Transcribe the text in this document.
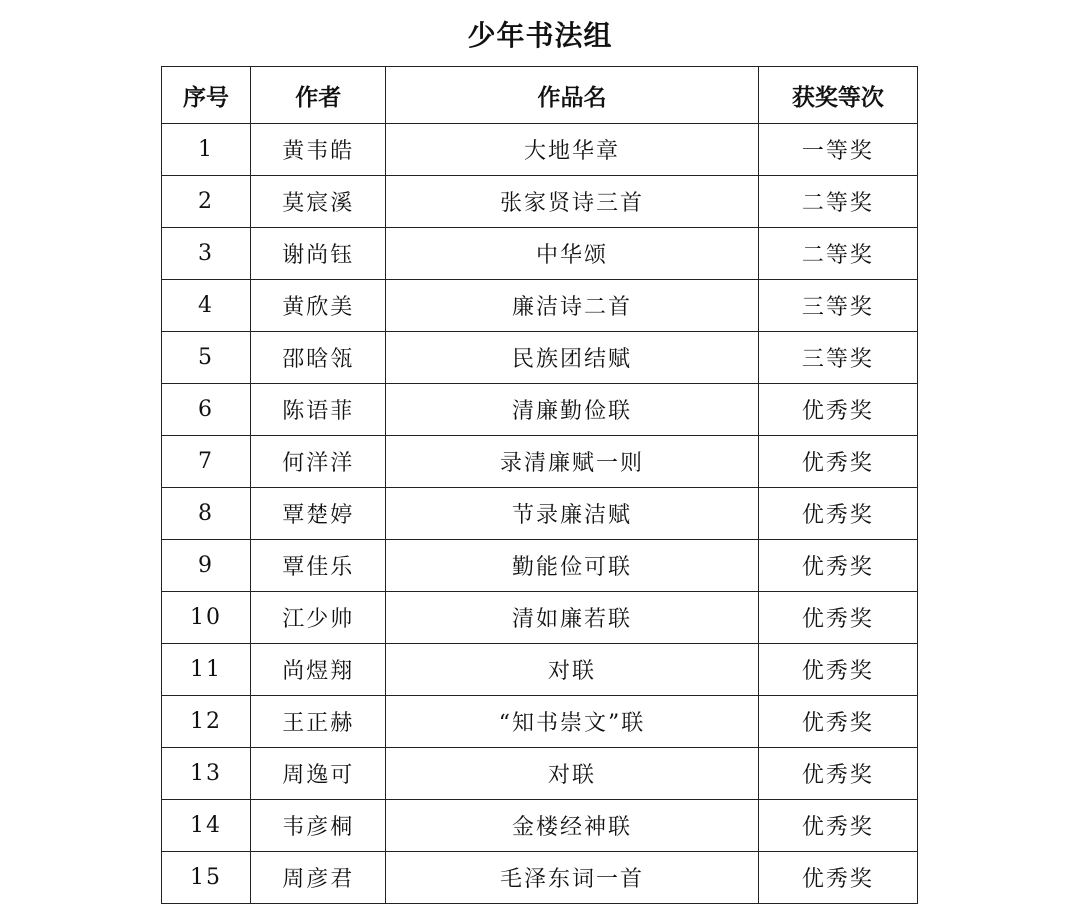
少年书法组
序号	作者	作品名	获奖等次
1	黄韦皓	大地华章	一等奖
2	莫宸溪	张家贤诗三首	二等奖
3	谢尚钰	中华颂	二等奖
4	黄欣美	廉洁诗二首	三等奖
5	邵晗瓴	民族团结赋	三等奖
6	陈语菲	清廉勤俭联	优秀奖
7	何洋洋	录清廉赋一则	优秀奖
8	覃楚婷	节录廉洁赋	优秀奖
9	覃佳乐	勤能俭可联	优秀奖
10	江少帅	清如廉若联	优秀奖
11	尚煜翔	对联	优秀奖
12	王正赫	“知书崇文”联	优秀奖
13	周逸可	对联	优秀奖
14	韦彦桐	金楼经神联	优秀奖
15	周彦君	毛泽东词一首	优秀奖
